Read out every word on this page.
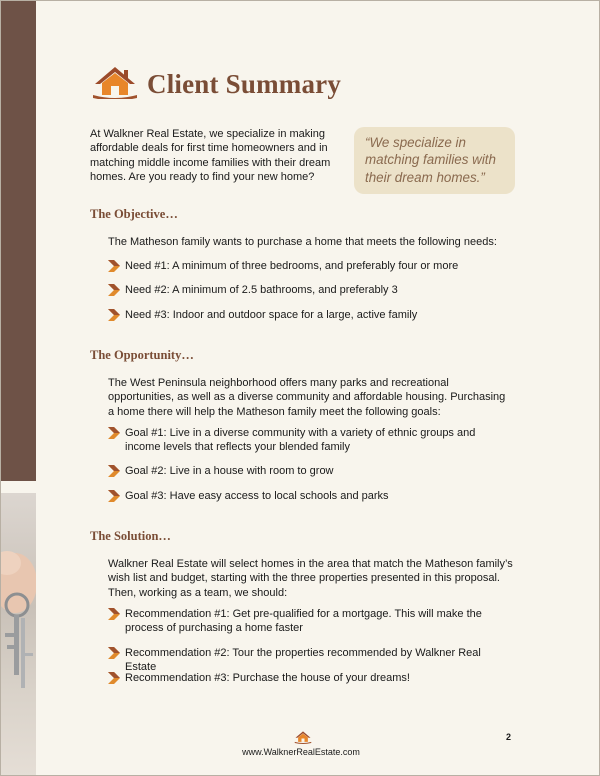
Client Summary
At Walkner Real Estate, we specialize in making affordable deals for first time homeowners and in matching middle income families with their dream homes. Are you ready to find your new home?
“We specialize in
matching families with
their dream homes.”
The Objective…
The Matheson family wants to purchase a home that meets the following needs:
Need #1: A minimum of three bedrooms, and preferably four or more
Need #2: A minimum of 2.5 bathrooms, and preferably 3
Need #3: Indoor and outdoor space for a large, active family
The Opportunity…
The West Peninsula neighborhood offers many parks and recreational opportunities, as well as a diverse community and affordable housing. Purchasing a home there will help the Matheson family meet the following goals:
Goal #1: Live in a diverse community with a variety of ethnic groups and income levels that reflects your blended family
Goal #2: Live in a house with room to grow
Goal #3: Have easy access to local schools and parks
The Solution…
Walkner Real Estate will select homes in the area that match the Matheson family’s wish list and budget, starting with the three properties presented in this proposal. Then, working as a team, we should:
Recommendation #1: Get pre-qualified for a mortgage. This will make the process of purchasing a home faster
Recommendation #2: Tour the properties recommended by Walkner Real Estate
Recommendation #3: Purchase the house of your dreams!
www.WalknerRealEstate.com
2
